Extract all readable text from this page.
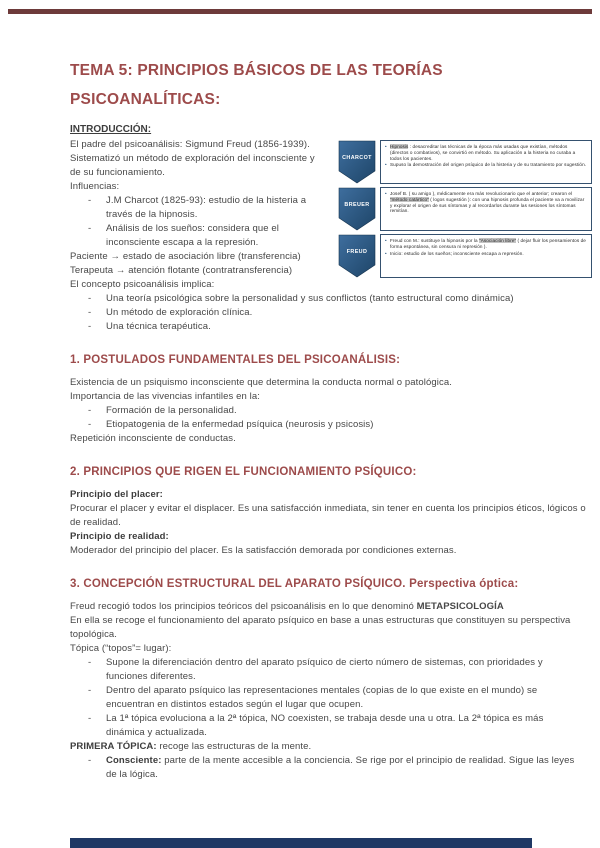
TEMA 5: PRINCIPIOS BÁSICOS DE LAS TEORÍAS PSICOANALÍTICAS:
INTRODUCCIÓN:
CHARCOT
• Hipnosis : desacreditar las técnicas de la época más usadas que existían, métodos (directos o combativos), se convirtió en método. Su aplicación a la histeria no curaba a todos los pacientes.
• Supuso la demostración del origen psíquico de la histeria y de su tratamiento por sugestión.
BREUER
• Josef B. ( su amigo ), médicamente era más revolucionario que el anterior; crearon el “método catártico” ( logos sugestión ): con una hipnosis profunda el paciente va a movilizar y explorar el origen de sus síntomas y al recordarlos durante las sesiones los síntomas remitían.
FREUD
• Freud con M.: sustituye la hipnosis por la “Asociación libre” ( dejar fluir los pensamientos de forma espontánea, sin censura ni represión ).
• Inicio: estudio de los sueños; inconsciente escapa a represión.

El padre del psicoanálisis: Sigmund Freud (1856-1939). Sistematizó un método de exploración del inconsciente y de su funcionamiento.

Influencias:

- J.M Charcot (1825-93): estudio de la histeria a través de la hipnosis.
- Análisis de los sueños: considera que el inconsciente escapa a la represión.

Paciente → estado de asociación libre (transferencia)

Terapeuta → atención flotante (contratransferencia)

El concepto psicoanálisis implica:

- Una teoría psicológica sobre la personalidad y sus conflictos (tanto estructural como dinámica)
- Un método de exploración clínica.
- Una técnica terapéutica.
1. POSTULADOS FUNDAMENTALES DEL PSICOANÁLISIS:

Existencia de un psiquismo inconsciente que determina la conducta normal o patológica.

Importancia de las vivencias infantiles en la:

- Formación de la personalidad.
- Etiopatogenia de la enfermedad psíquica (neurosis y psicosis)

Repetición inconsciente de conductas.

2. PRINCIPIOS QUE RIGEN EL FUNCIONAMIENTO PSÍQUICO:

Principio del placer:

Procurar el placer y evitar el displacer. Es una satisfacción inmediata, sin tener en cuenta los principios éticos, lógicos o de realidad.

Principio de realidad:

Moderador del principio del placer. Es la satisfacción demorada por condiciones externas.

3. CONCEPCIÓN ESTRUCTURAL DEL APARATO PSÍQUICO. Perspectiva óptica:

Freud recogió todos los principios teóricos del psicoanálisis en lo que denominó METAPSICOLOGÍA

En ella se recoge el funcionamiento del aparato psíquico en base a unas estructuras que constituyen su perspectiva topológica.

Tópica (“topos”= lugar):

- Supone la diferenciación dentro del aparato psíquico de cierto número de sistemas, con prioridades y funciones diferentes.
- Dentro del aparato psíquico las representaciones mentales (copias de lo que existe en el mundo) se encuentran en distintos estados según el lugar que ocupen.
- La 1ª tópica evoluciona a la 2ª tópica, NO coexisten, se trabaja desde una u otra. La 2ª tópica es más dinámica y actualizada.

PRIMERA TÓPICA: recoge las estructuras de la mente.

- Consciente: parte de la mente accesible a la conciencia. Se rige por el principio de realidad. Sigue las leyes de la lógica.
